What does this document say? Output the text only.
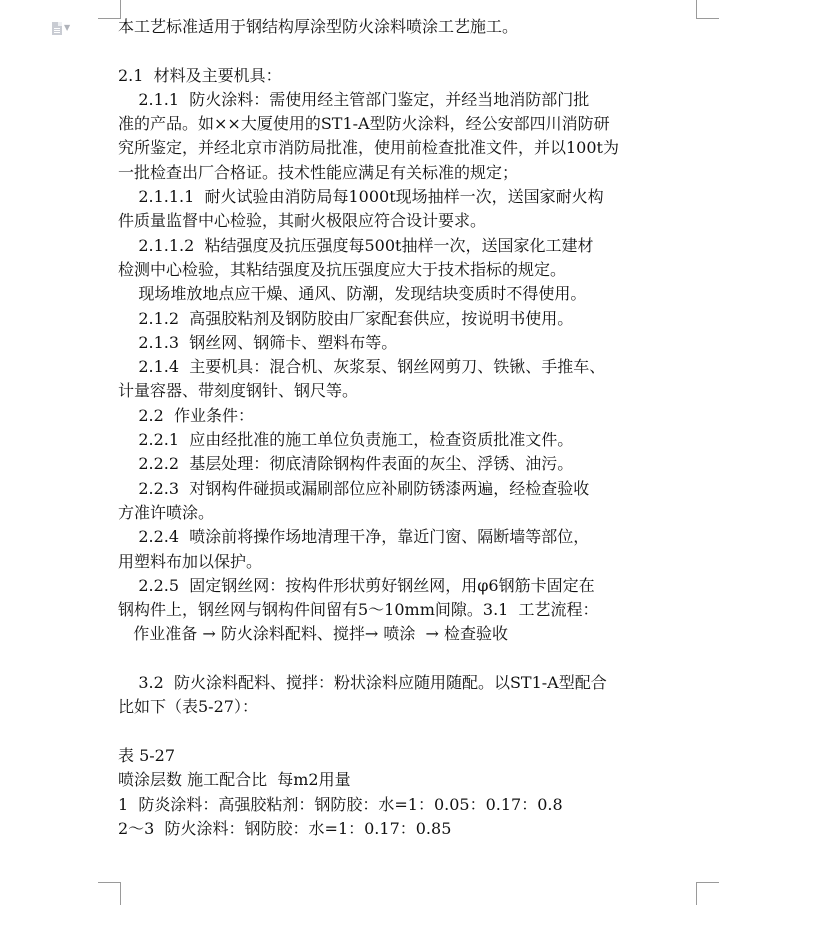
▼	本工艺标准适用于钢结构厚涂型防火涂料喷涂工艺施工。
2.1  材料及主要机具：
2.1.1  防火涂料：需使用经主管部门鉴定，并经当地消防部门批
准的产品。如××大厦使用的ST1-A型防火涂料，经公安部四川消防研
究所鉴定，并经北京市消防局批准，使用前检查批准文件，并以100t为
一批检查出厂合格证。技术性能应满足有关标准的规定；
2.1.1.1  耐火试验由消防局每1000t现场抽样一次，送国家耐火构
件质量监督中心检验，其耐火极限应符合设计要求。
2.1.1.2  粘结强度及抗压强度每500t抽样一次，送国家化工建材
检测中心检验，其粘结强度及抗压强度应大于技术指标的规定。
现场堆放地点应干燥、通风、防潮，发现结块变质时不得使用。
2.1.2  高强胶粘剂及钢防胶由厂家配套供应，按说明书使用。
2.1.3  钢丝网、钢筛卡、塑料布等。
2.1.4  主要机具：混合机、灰浆泵、钢丝网剪刀、铁锹、手推车、
计量容器、带刻度钢针、钢尺等。
2.2  作业条件：
2.2.1  应由经批准的施工单位负责施工，检查资质批准文件。
2.2.2  基层处理：彻底清除钢构件表面的灰尘、浮锈、油污。
2.2.3  对钢构件碰损或漏刷部位应补刷防锈漆两遍，经检查验收
方准许喷涂。
2.2.4  喷涂前将操作场地清理干净，靠近门窗、隔断墙等部位，
用塑料布加以保护。
2.2.5  固定钢丝网：按构件形状剪好钢丝网，用φ6钢筋卡固定在
钢构件上，钢丝网与钢构件间留有5～10mm间隙。3.1  工艺流程：
作业准备 → 防火涂料配料、搅拌→ 喷涂  → 检查验收
3.2  防火涂料配料、搅拌：粉状涂料应随用随配。以ST1-A型配合
比如下（表5-27）：
表 5-27
喷涂层数 施工配合比  每m2用量
1  防炎涂料：高强胶粘剂：钢防胶：水=1：0.05：0.17：0.8
2～3  防火涂料：钢防胶：水=1：0.17：0.85
